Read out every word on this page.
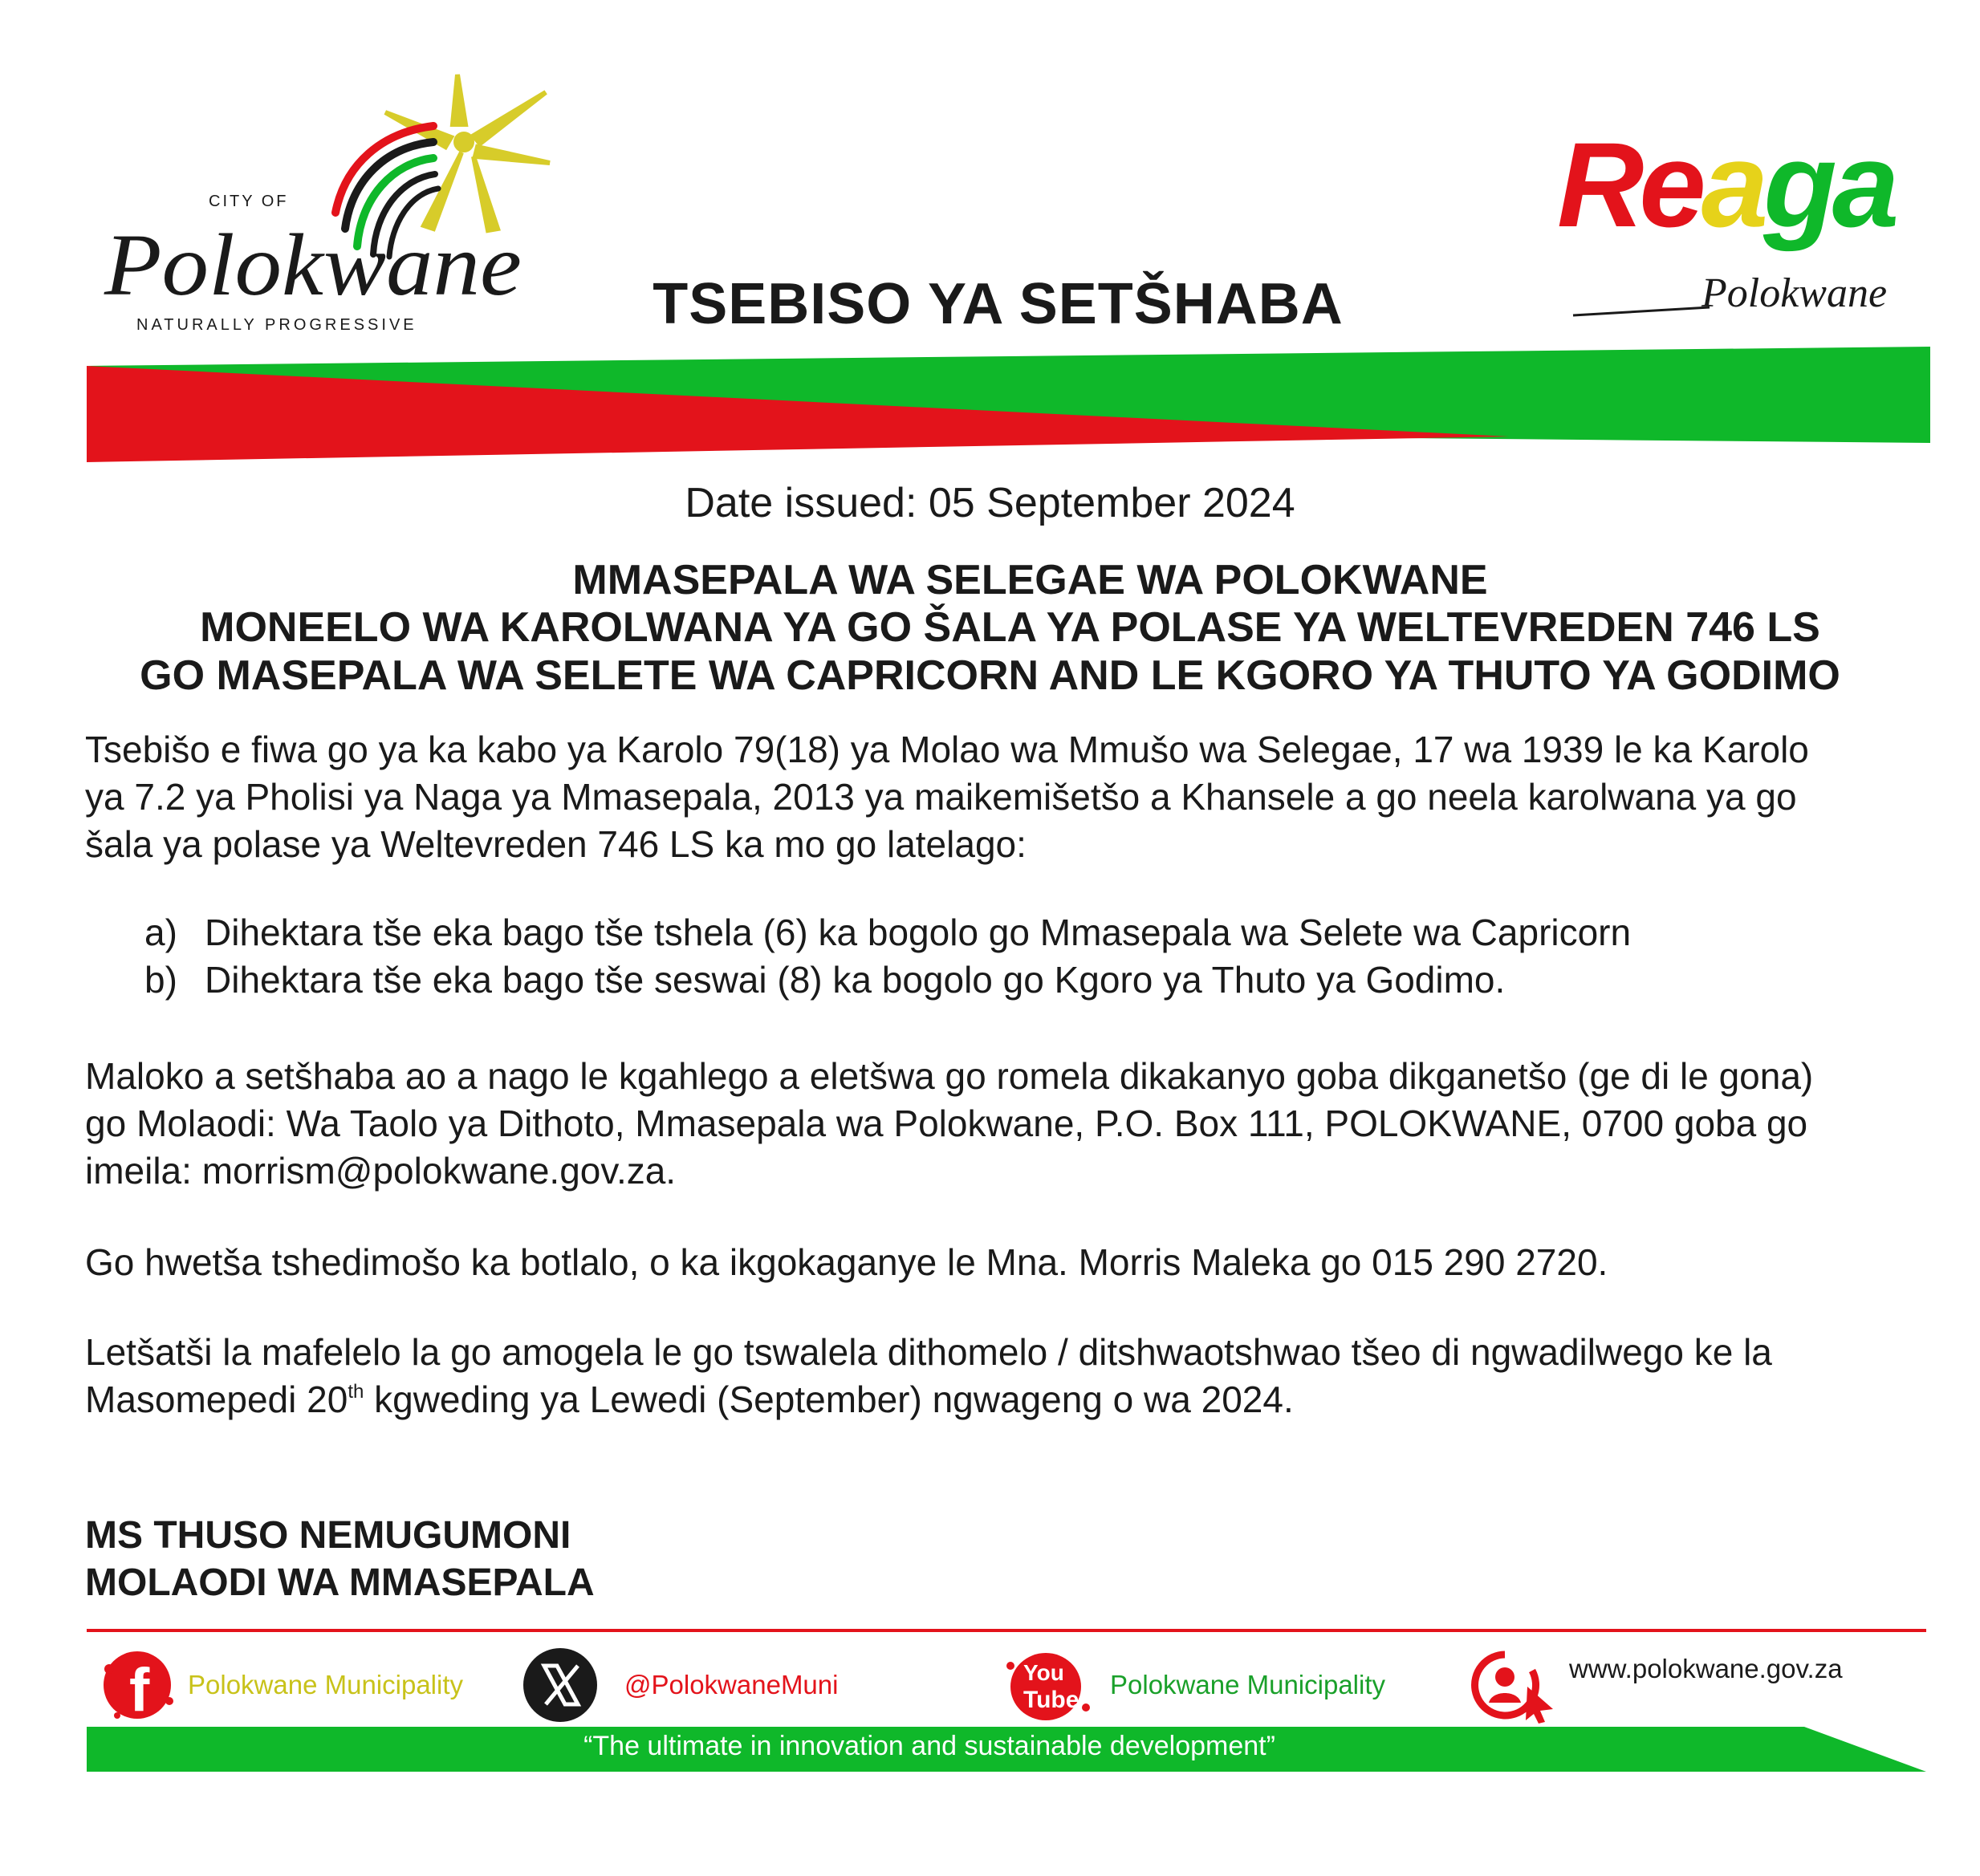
CITY OF
Polokwane
NATURALLY PROGRESSIVE
Reaga
Polokwane
TSEBISO YA SETŠHABA
Date issued: 05 September 2024
MMASEPALA WA SELEGAE WA POLOKWANE
MONEELO WA KAROLWANA YA GO ŠALA YA POLASE YA WELTEVREDEN 746 LS
GO MASEPALA WA SELETE WA CAPRICORN AND LE KGORO YA THUTO YA GODIMO
Tsebišo e fiwa go ya ka kabo ya Karolo 79(18) ya Molao wa Mmušo wa Selegae, 17 wa 1939 le ka Karolo
ya 7.2 ya Pholisi ya Naga ya Mmasepala, 2013 ya maikemišetšo a Khansele a go neela karolwana ya go
šala ya polase ya Weltevreden 746 LS ka mo go latelago:
a) Dihektara tše eka bago tše tshela (6) ka bogolo go Mmasepala wa Selete wa Capricorn
b) Dihektara tše eka bago tše seswai (8) ka bogolo go Kgoro ya Thuto ya Godimo.
Maloko a setšhaba ao a nago le kgahlego a eletšwa go romela dikakanyo goba dikganetšo (ge di le gona)
go Molaodi: Wa Taolo ya Dithoto, Mmasepala wa Polokwane, P.O. Box 111, POLOKWANE, 0700 goba go
imeila: morrism@polokwane.gov.za.
Go hwetša tshedimošo ka botlalo, o ka ikgokaganye le Mna. Morris Maleka go 015 290 2720.
Letšatši la mafelelo la go amogela le go tswalela dithomelo / ditshwaotshwao tšeo di ngwadilwego ke la
Masomepedi 20th kgweding ya Lewedi (September) ngwageng o wa 2024.
MS THUSO NEMUGUMONI
MOLAODI WA MMASEPALA
f Polokwane Municipality	@PolokwaneMuni	You
Tube
Polokwane Municipality
www.polokwane.gov.za
“The ultimate in innovation and sustainable development”
